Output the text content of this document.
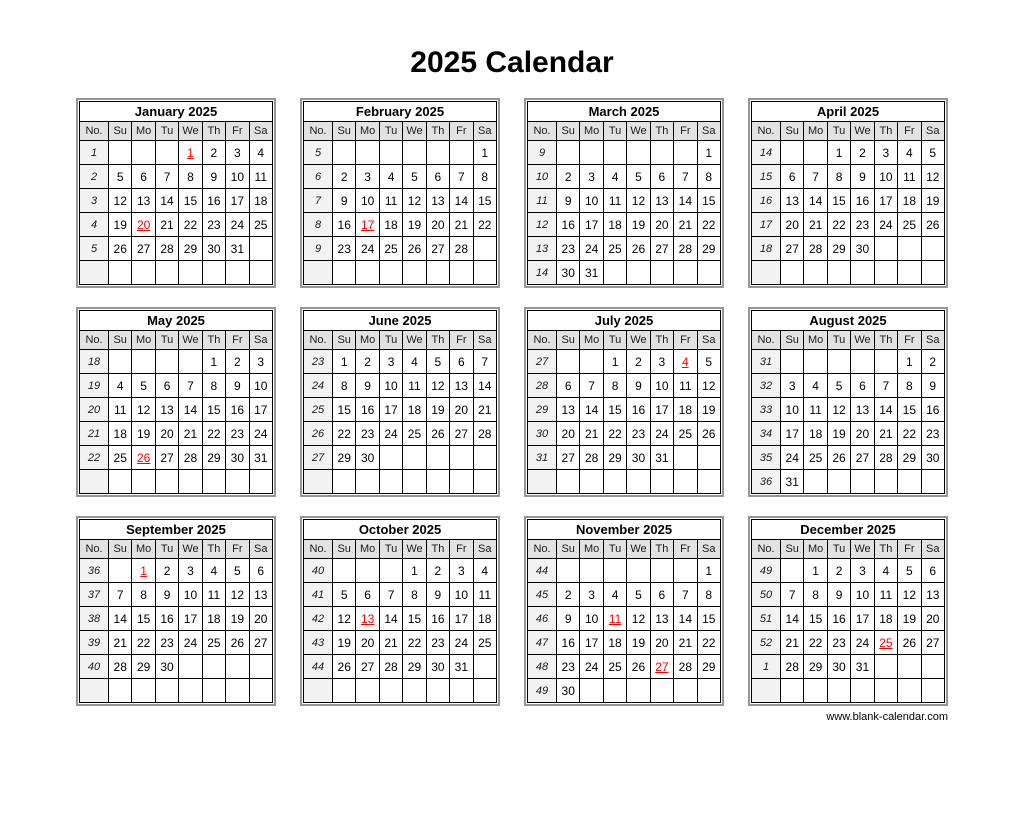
2025 Calendar
January 2025							
No.	Su	Mo	Tu	We	Th	Fr	Sa
1				1	2	3	4
2	5	6	7	8	9	10	11
3	12	13	14	15	16	17	18
4	19	20	21	22	23	24	25
5	26	27	28	29	30	31	

February 2025							
No.	Su	Mo	Tu	We	Th	Fr	Sa
5							1
6	2	3	4	5	6	7	8
7	9	10	11	12	13	14	15
8	16	17	18	19	20	21	22
9	23	24	25	26	27	28	

March 2025							
No.	Su	Mo	Tu	We	Th	Fr	Sa
9							1
10	2	3	4	5	6	7	8
11	9	10	11	12	13	14	15
12	16	17	18	19	20	21	22
13	23	24	25	26	27	28	29
14	30	31					
April 2025							
No.	Su	Mo	Tu	We	Th	Fr	Sa
14			1	2	3	4	5
15	6	7	8	9	10	11	12
16	13	14	15	16	17	18	19
17	20	21	22	23	24	25	26
18	27	28	29	30			

May 2025							
No.	Su	Mo	Tu	We	Th	Fr	Sa
18					1	2	3
19	4	5	6	7	8	9	10
20	11	12	13	14	15	16	17
21	18	19	20	21	22	23	24
22	25	26	27	28	29	30	31

June 2025							
No.	Su	Mo	Tu	We	Th	Fr	Sa
23	1	2	3	4	5	6	7
24	8	9	10	11	12	13	14
25	15	16	17	18	19	20	21
26	22	23	24	25	26	27	28
27	29	30					

July 2025							
No.	Su	Mo	Tu	We	Th	Fr	Sa
27			1	2	3	4	5
28	6	7	8	9	10	11	12
29	13	14	15	16	17	18	19
30	20	21	22	23	24	25	26
31	27	28	29	30	31		

August 2025							
No.	Su	Mo	Tu	We	Th	Fr	Sa
31						1	2
32	3	4	5	6	7	8	9
33	10	11	12	13	14	15	16
34	17	18	19	20	21	22	23
35	24	25	26	27	28	29	30
36	31						
September 2025							
No.	Su	Mo	Tu	We	Th	Fr	Sa
36		1	2	3	4	5	6
37	7	8	9	10	11	12	13
38	14	15	16	17	18	19	20
39	21	22	23	24	25	26	27
40	28	29	30				

October 2025							
No.	Su	Mo	Tu	We	Th	Fr	Sa
40				1	2	3	4
41	5	6	7	8	9	10	11
42	12	13	14	15	16	17	18
43	19	20	21	22	23	24	25
44	26	27	28	29	30	31	

November 2025							
No.	Su	Mo	Tu	We	Th	Fr	Sa
44							1
45	2	3	4	5	6	7	8
46	9	10	11	12	13	14	15
47	16	17	18	19	20	21	22
48	23	24	25	26	27	28	29
49	30						
December 2025							
No.	Su	Mo	Tu	We	Th	Fr	Sa
49		1	2	3	4	5	6
50	7	8	9	10	11	12	13
51	14	15	16	17	18	19	20
52	21	22	23	24	25	26	27
1	28	29	30	31			

www.blank-calendar.com
